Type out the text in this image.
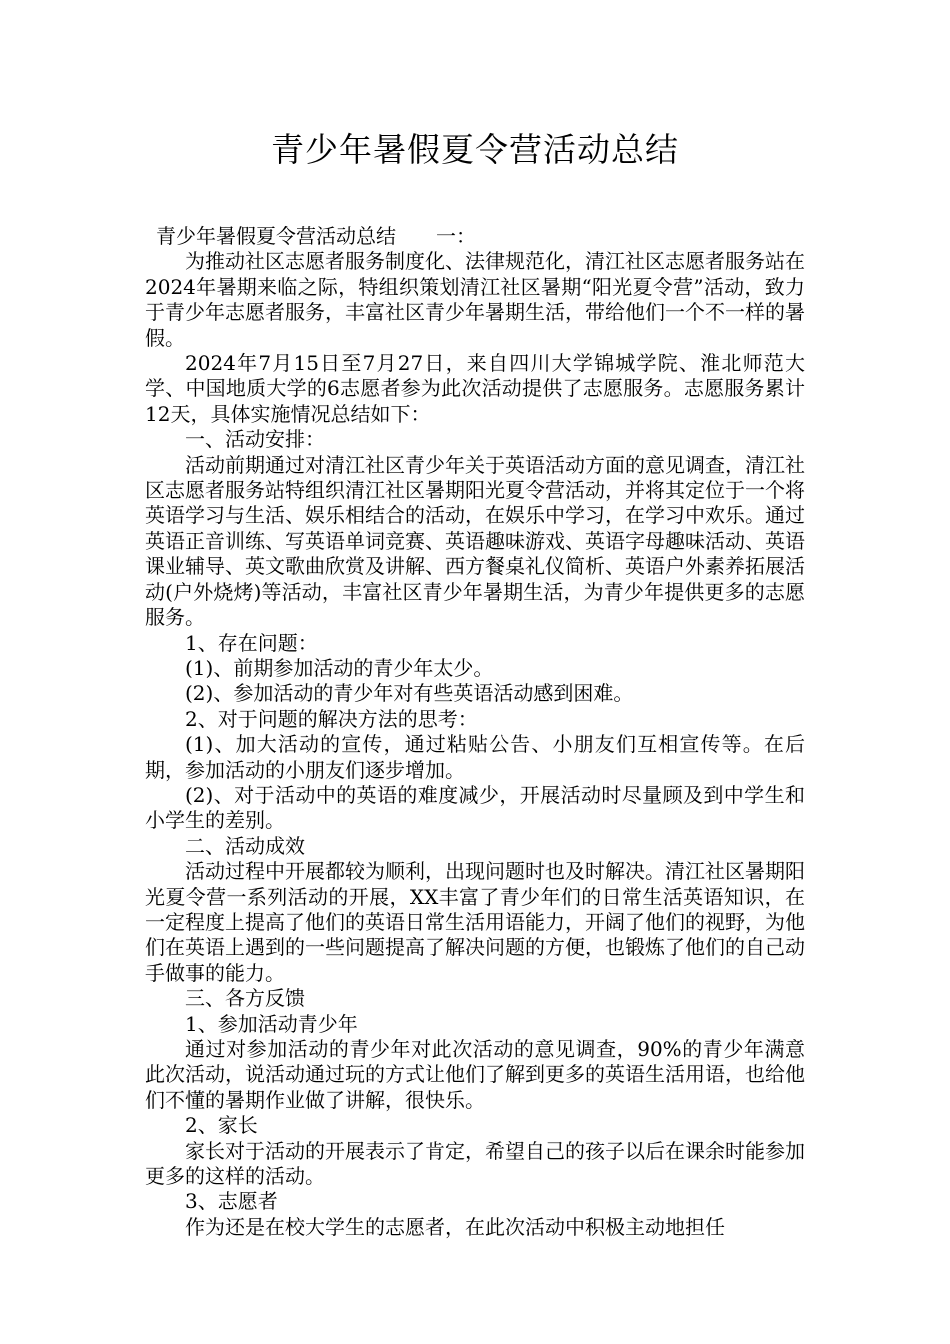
青少年暑假夏令营活动总结

青少年暑假夏令营活动总结　　一：

为推动社区志愿者服务制度化、法律规范化，清江社区志愿者服务站在2024年暑期来临之际，特组织策划清江社区暑期“阳光夏令营”活动，致力于青少年志愿者服务，丰富社区青少年暑期生活，带给他们一个不一样的暑假。

2024年7月15日至7月27日，来自四川大学锦城学院、淮北师范大学、中国地质大学的6志愿者参为此次活动提供了志愿服务。志愿服务累计12天，具体实施情况总结如下：

一、活动安排：

活动前期通过对清江社区青少年关于英语活动方面的意见调查，清江社区志愿者服务站特组织清江社区暑期阳光夏令营活动，并将其定位于一个将英语学习与生活、娱乐相结合的活动，在娱乐中学习，在学习中欢乐。通过英语正音训练、写英语单词竞赛、英语趣味游戏、英语字母趣味活动、英语课业辅导、英文歌曲欣赏及讲解、西方餐桌礼仪简析、英语户外素养拓展活动(户外烧烤)等活动，丰富社区青少年暑期生活，为青少年提供更多的志愿服务。

1、存在问题：

(1)、前期参加活动的青少年太少。

(2)、参加活动的青少年对有些英语活动感到困难。

2、对于问题的解决方法的思考：

(1)、加大活动的宣传，通过粘贴公告、小朋友们互相宣传等。在后期，参加活动的小朋友们逐步增加。

(2)、对于活动中的英语的难度减少，开展活动时尽量顾及到中学生和小学生的差别。

二、活动成效

活动过程中开展都较为顺利，出现问题时也及时解决。清江社区暑期阳光夏令营一系列活动的开展，XX丰富了青少年们的日常生活英语知识，在一定程度上提高了他们的英语日常生活用语能力，开阔了他们的视野，为他们在英语上遇到的一些问题提高了解决问题的方便，也锻炼了他们的自己动手做事的能力。

三、各方反馈

1、参加活动青少年

通过对参加活动的青少年对此次活动的意见调查，90%的青少年满意此次活动，说活动通过玩的方式让他们了解到更多的英语生活用语，也给他们不懂的暑期作业做了讲解，很快乐。

2、家长

家长对于活动的开展表示了肯定，希望自己的孩子以后在课余时能参加更多的这样的活动。

3、志愿者

作为还是在校大学生的志愿者，在此次活动中积极主动地担任
